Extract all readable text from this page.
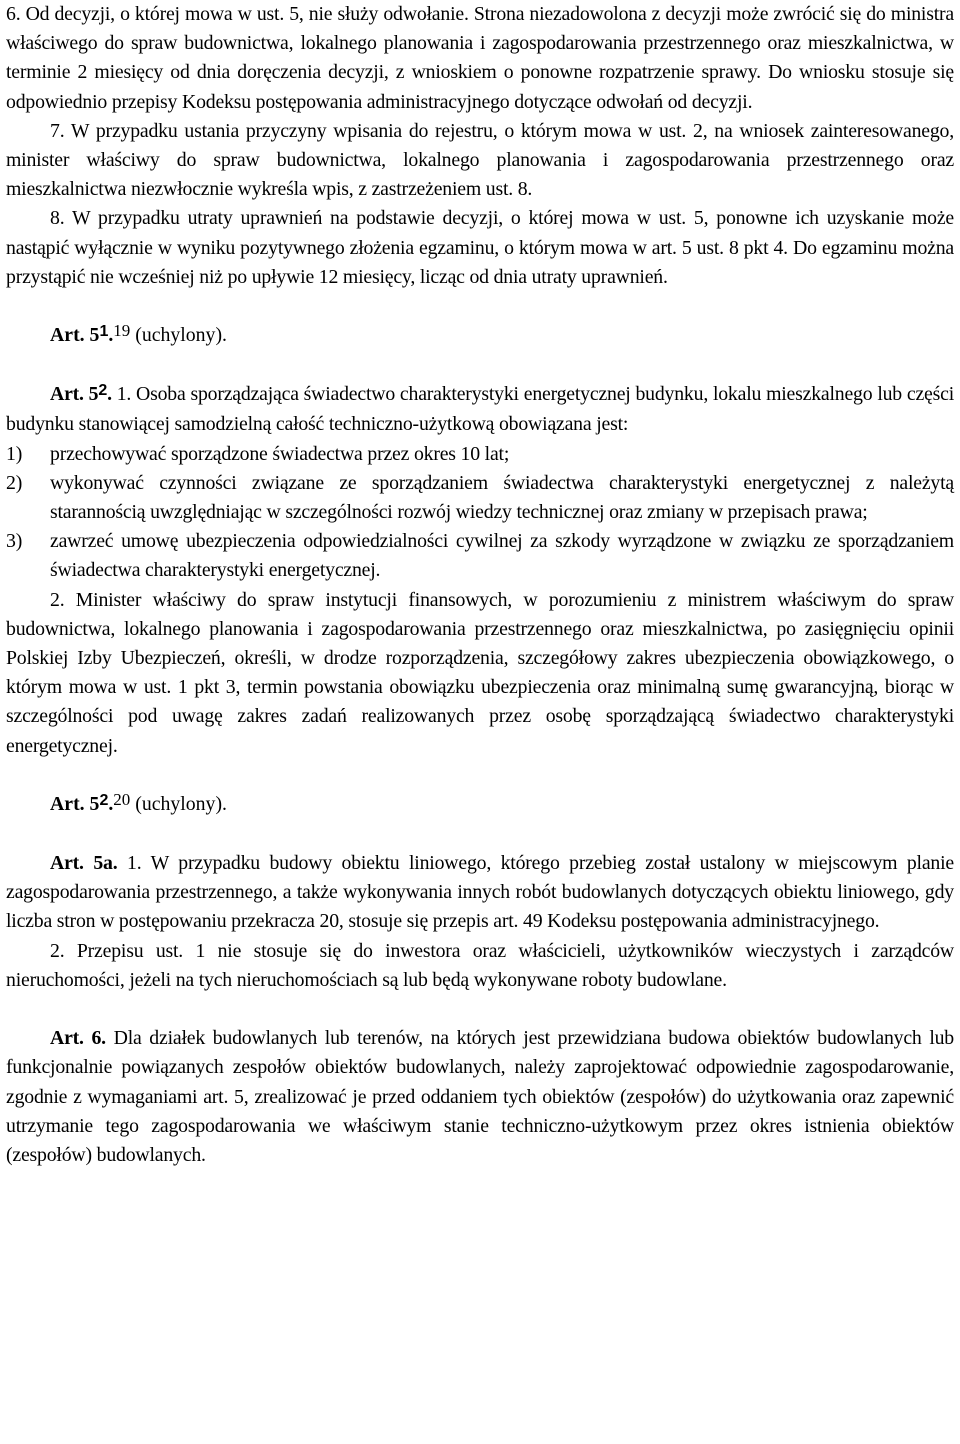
6. Od decyzji, o której mowa w ust. 5, nie służy odwołanie. Strona niezadowolona z decyzji może zwrócić się do ministra właściwego do spraw budownictwa, lokalnego planowania i zagospodarowania przestrzennego oraz mieszkalnictwa, w terminie 2 miesięcy od dnia doręczenia decyzji, z wnioskiem o ponowne rozpatrzenie sprawy. Do wniosku stosuje się odpowiednio przepisy Kodeksu postępowania administracyjnego dotyczące odwołań od decyzji.

7. W przypadku ustania przyczyny wpisania do rejestru, o którym mowa w ust. 2, na wniosek zainteresowanego, minister właściwy do spraw budownictwa, lokalnego planowania i zagospodarowania przestrzennego oraz mieszkalnictwa niezwłocznie wykreśla wpis, z zastrzeżeniem ust. 8.

8. W przypadku utraty uprawnień na podstawie decyzji, o której mowa w ust. 5, ponowne ich uzyskanie może nastąpić wyłącznie w wyniku pozytywnego złożenia egzaminu, o którym mowa w art. 5 ust. 8 pkt 4. Do egzaminu można przystąpić nie wcześniej niż po upływie 12 miesięcy, licząc od dnia utraty uprawnień.

Art. $5^1.19$ (uchylony).

Art. $5^2$. 1. Osoba sporządzająca świadectwo charakterystyki energetycznej budynku, lokalu mieszkalnego lub części budynku stanowiącej samodzielną całość techniczno-użytkową obowiązana jest:

1)	przechowywać sporządzone świadectwa przez okres 10 lat;
2)	wykonywać czynności związane ze sporządzaniem świadectwa charakterystyki energetycznej z należytą starannością uwzględniając w szczególności rozwój wiedzy technicznej oraz zmiany w przepisach prawa;
3)	zawrzeć umowę ubezpieczenia odpowiedzialności cywilnej za szkody wyrządzone w związku ze sporządzaniem świadectwa charakterystyki energetycznej.

2. Minister właściwy do spraw instytucji finansowych, w porozumieniu z ministrem właściwym do spraw budownictwa, lokalnego planowania i zagospodarowania przestrzennego oraz mieszkalnictwa, po zasięgnięciu opinii Polskiej Izby Ubezpieczeń, określi, w drodze rozporządzenia, szczegółowy zakres ubezpieczenia obowiązkowego, o którym mowa w ust. 1 pkt 3, termin powstania obowiązku ubezpieczenia oraz minimalną sumę gwarancyjną, biorąc w szczególności pod uwagę zakres zadań realizowanych przez osobę sporządzającą świadectwo charakterystyki energetycznej.

Art. $5^2.20$ (uchylony).

Art. 5a. 1. W przypadku budowy obiektu liniowego, którego przebieg został ustalony w miejscowym planie zagospodarowania przestrzennego, a także wykonywania innych robót budowlanych dotyczących obiektu liniowego, gdy liczba stron w postępowaniu przekracza 20, stosuje się przepis art. 49 Kodeksu postępowania administracyjnego.

2. Przepisu ust. 1 nie stosuje się do inwestora oraz właścicieli, użytkowników wieczystych i zarządców nieruchomości, jeżeli na tych nieruchomościach są lub będą wykonywane roboty budowlane.

Art. 6. Dla działek budowlanych lub terenów, na których jest przewidziana budowa obiektów budowlanych lub funkcjonalnie powiązanych zespołów obiektów budowlanych, należy zaprojektować odpowiednie zagospodarowanie, zgodnie z wymaganiami art. 5, zrealizować je przed oddaniem tych obiektów (zespołów) do użytkowania oraz zapewnić utrzymanie tego zagospodarowania we właściwym stanie techniczno-użytkowym przez okres istnienia obiektów (zespołów) budowlanych.
